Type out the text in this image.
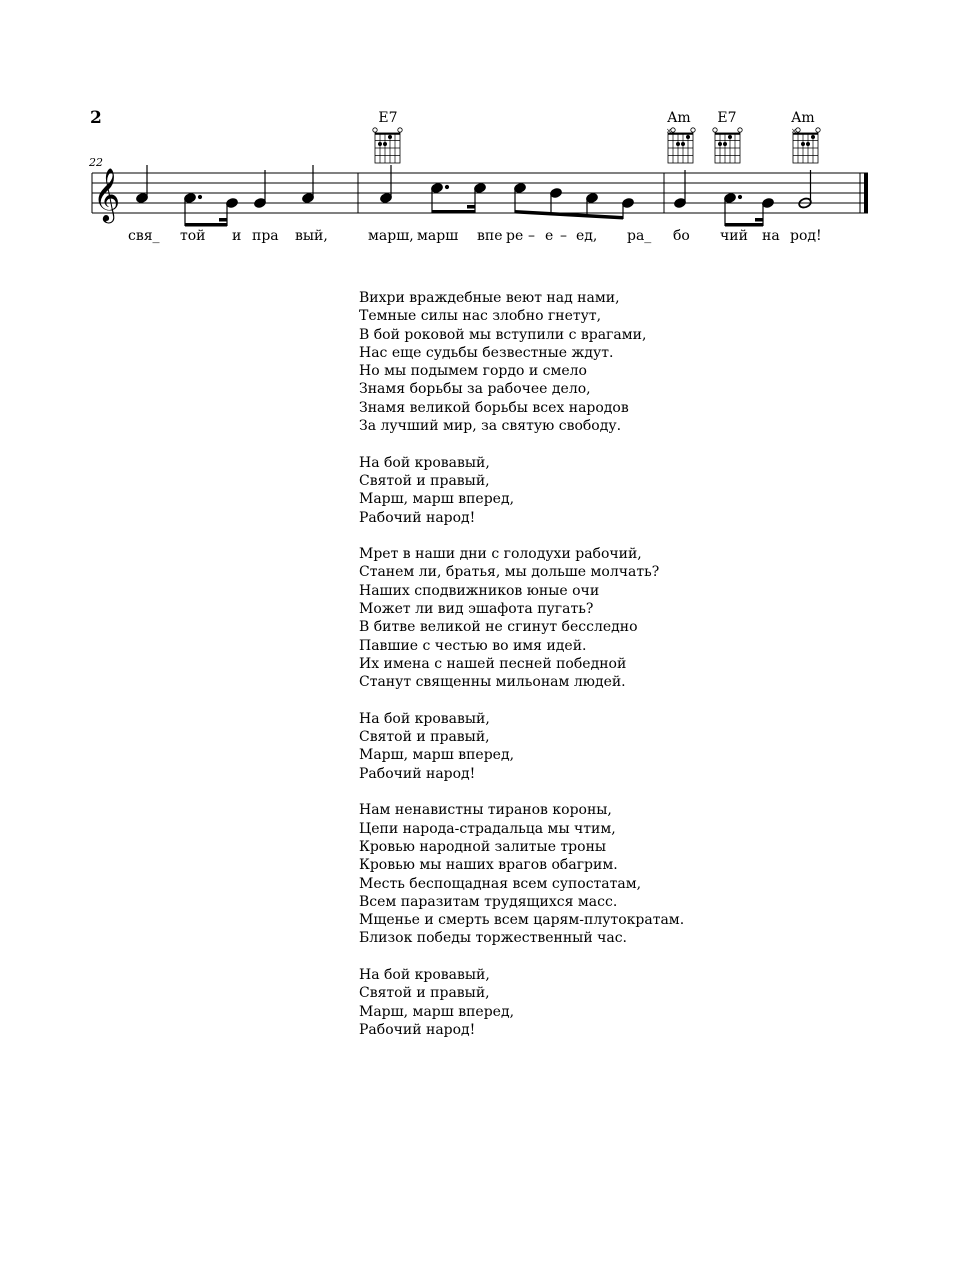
2	E7	Am	E7	Am
22
×	×
𝄞
свя_ той и пра вый,	марш, марш впе ре – е – ед, ра_ бо чий на род!
Вихри враждебные веют над нами,
Темные силы нас злобно гнетут,
В бой роковой мы вступили с врагами,
Нас еще судьбы безвестные ждут.
Но мы подымем гордо и смело
Знамя борьбы за рабочее дело,
Знамя великой борьбы всех народов
За лучший мир, за святую свободу.
На бой кровавый,
Святой и правый,
Марш, марш вперед,
Рабочий народ!
Мрет в наши дни с голодухи рабочий,
Станем ли, братья, мы дольше молчать?
Наших сподвижников юные очи
Может ли вид эшафота пугать?
В битве великой не сгинут бесследно
Павшие с честью во имя идей.
Их имена с нашей песней победной
Станут священны мильонам людей.
На бой кровавый,
Святой и правый,
Марш, марш вперед,
Рабочий народ!
Нам ненавистны тиранов короны,
Цепи народа-страдальца мы чтим,
Кровью народной залитые троны
Кровью мы наших врагов обагрим.
Месть беспощадная всем супостатам,
Всем паразитам трудящихся масс.
Мщенье и смерть всем царям-плутократам.
Близок победы торжественный час.
На бой кровавый,
Святой и правый,
Марш, марш вперед,
Рабочий народ!
